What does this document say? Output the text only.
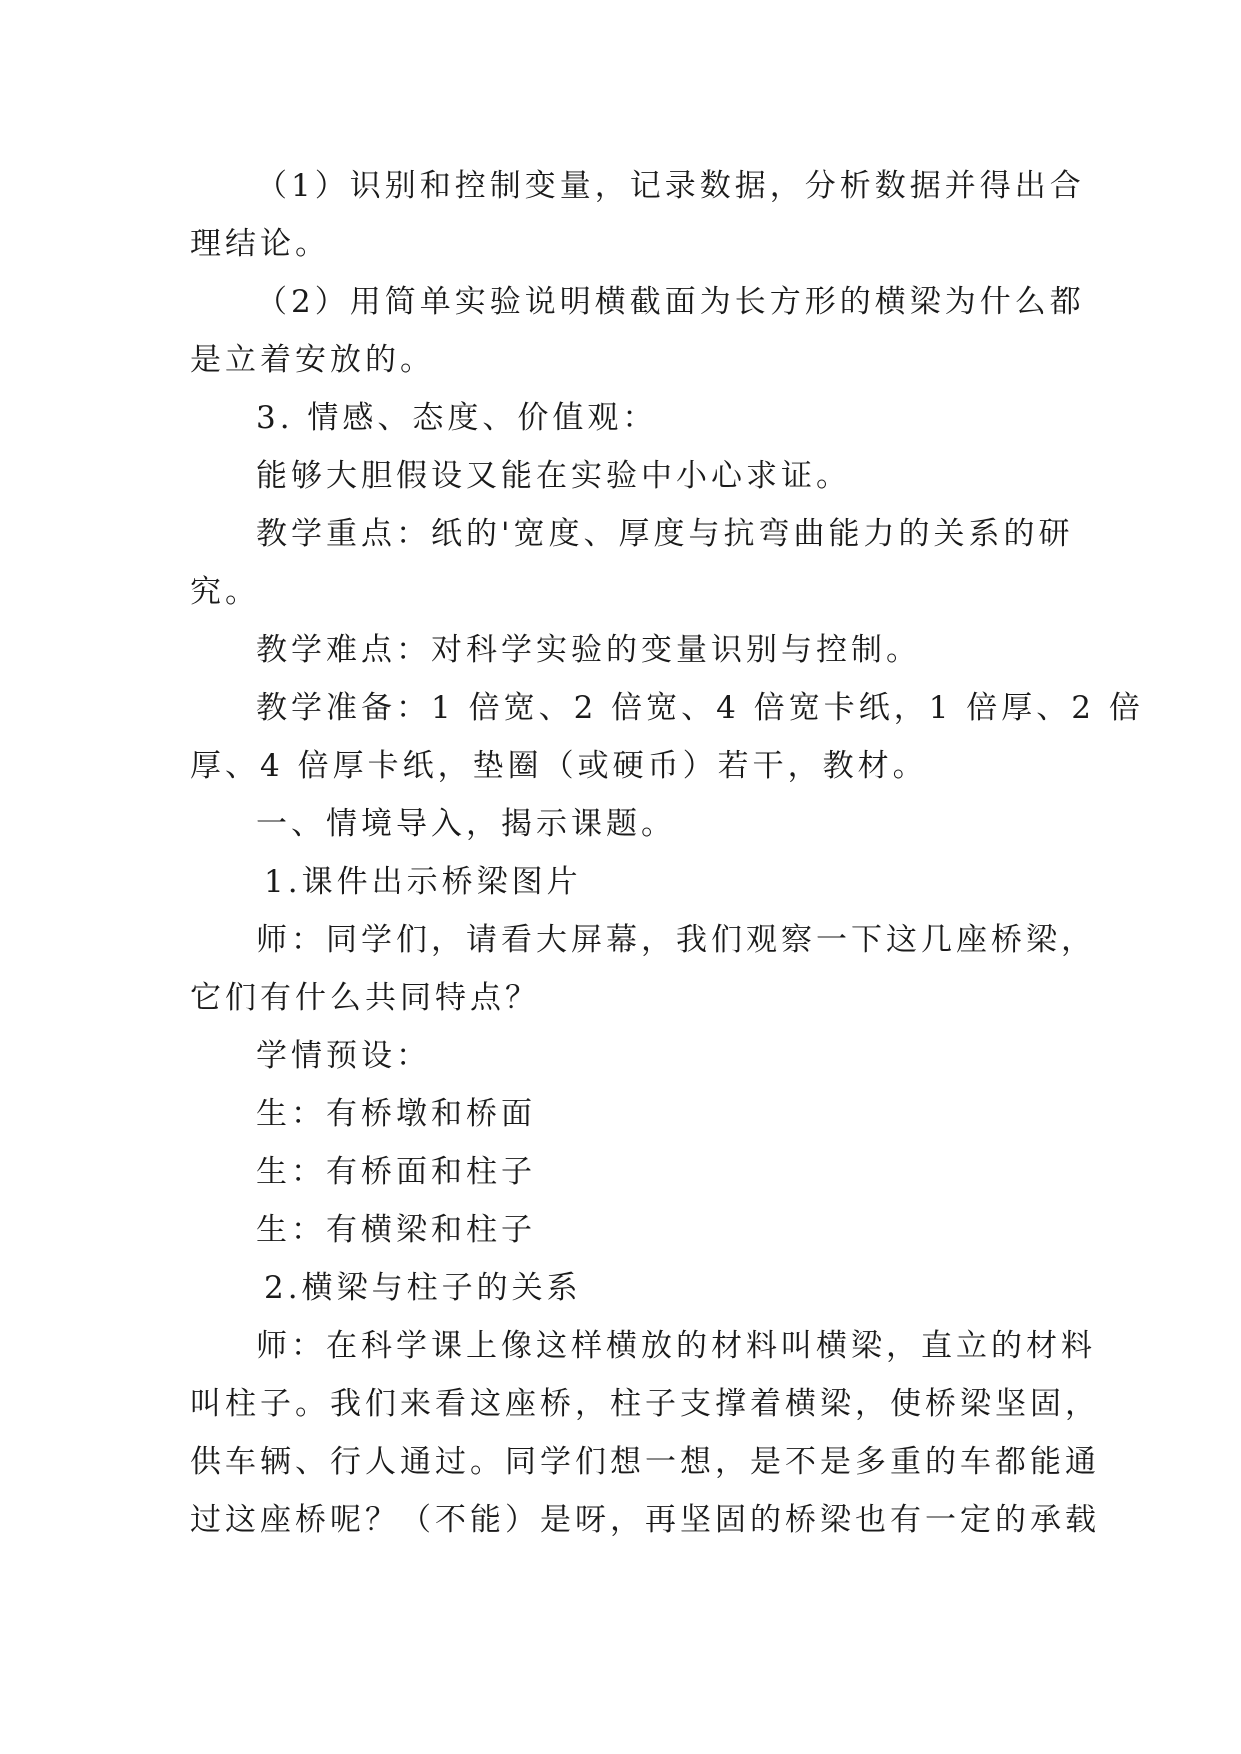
（1）识别和控制变量，记录数据，分析数据并得出合

理结论。

（2）用简单实验说明横截面为长方形的横梁为什么都

是立着安放的。

3. 情感、态度、价值观：

能够大胆假设又能在实验中小心求证。

教学重点：纸的'宽度、厚度与抗弯曲能力的关系的研

究。

教学难点：对科学实验的变量识别与控制。

教学准备：1 倍宽、2 倍宽、4 倍宽卡纸，1 倍厚、2 倍

厚、4 倍厚卡纸，垫圈（或硬币）若干，教材。

一、情境导入，揭示课题。

1.课件出示桥梁图片

师：同学们，请看大屏幕，我们观察一下这几座桥梁，

它们有什么共同特点？

学情预设：

生：有桥墩和桥面

生：有桥面和柱子

生：有横梁和柱子

2.横梁与柱子的关系

师：在科学课上像这样横放的材料叫横梁，直立的材料

叫柱子。我们来看这座桥，柱子支撑着横梁，使桥梁坚固，

供车辆、行人通过。同学们想一想，是不是多重的车都能通

过这座桥呢？（不能）是呀，再坚固的桥梁也有一定的承载
